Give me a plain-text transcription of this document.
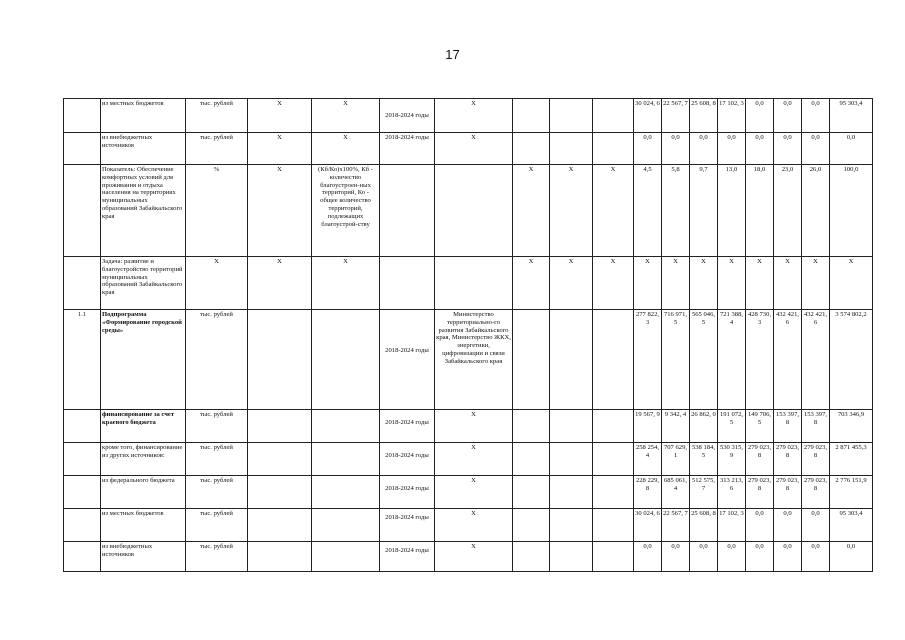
17
	из местных бюджетов	тыс. рублей	X	X	2018-2024 годы	X				30 024, 6	22 567, 7	25 608, 8	17 102, 3	0,0	0,0	0,0	95 303,4
	из внебюджетных источников	тыс. рублей	X	X	2018-2024 годы	X				0,0	0,0	0,0	0,0	0,0	0,0	0,0	0,0
	Показатель: Обеспечение комфортных условий для проживания и отдыха населения на территориях муниципальных образований Забайкальского края	%	X	(Кб/Ко)x100%, Кб - количество благоустроен-ных территорий, Ко - общее количество территорий, подлежащих благоустрой-ству			X	X	X	4,5	5,8	9,7	13,0	18,0	23,0	26,0	100,0
	Задача: развитие и благоустройство территорий муниципальных образований Забайкальского края	X	X	X			X	X	X	X	X	X	X	X	X	X	X
1.1	Подпрограмма «Формирование городской среды»	тыс. рублей			2018-2024 годы	Министерство территориально-го развития Забайкальского края, Министерство ЖКХ, энергетики, цифровизации и связи Забайкальского края				277 822, 3	716 971, 5	565 046, 5	721 388, 4	428 730, 3	432 421, 6	432 421, 6	3 574 802,2
	финансирование за счет краевого бюджета	тыс. рублей			2018-2024 годы	X				19 567, 9	9 342, 4	26 862, 0	191 072, 5	149 706, 5	153 397, 8	153 397, 8	703 346,9
	кроме того, финансирование из других источников:	тыс. рублей			2018-2024 годы	X				258 254, 4	707 629, 1	538 184, 5	530 315, 9	279 023, 8	279 023, 8	279 023, 8	2 871 455,3
	из федерального бюджета	тыс. рублей			2018-2024 годы	X				228 229, 8	685 061, 4	512 575, 7	313 213, 6	279 023, 8	279 023, 8	279 023, 8	2 776 151,9
	из местных бюджетов	тыс. рублей			2018-2024 годы	X				30 024, 6	22 567, 7	25 608, 8	17 102, 3	0,0	0,0	0,0	95 303,4
	из внебюджетных источников	тыс. рублей			2018-2024 годы	X				0,0	0,0	0,0	0,0	0,0	0,0	0,0	0,0
